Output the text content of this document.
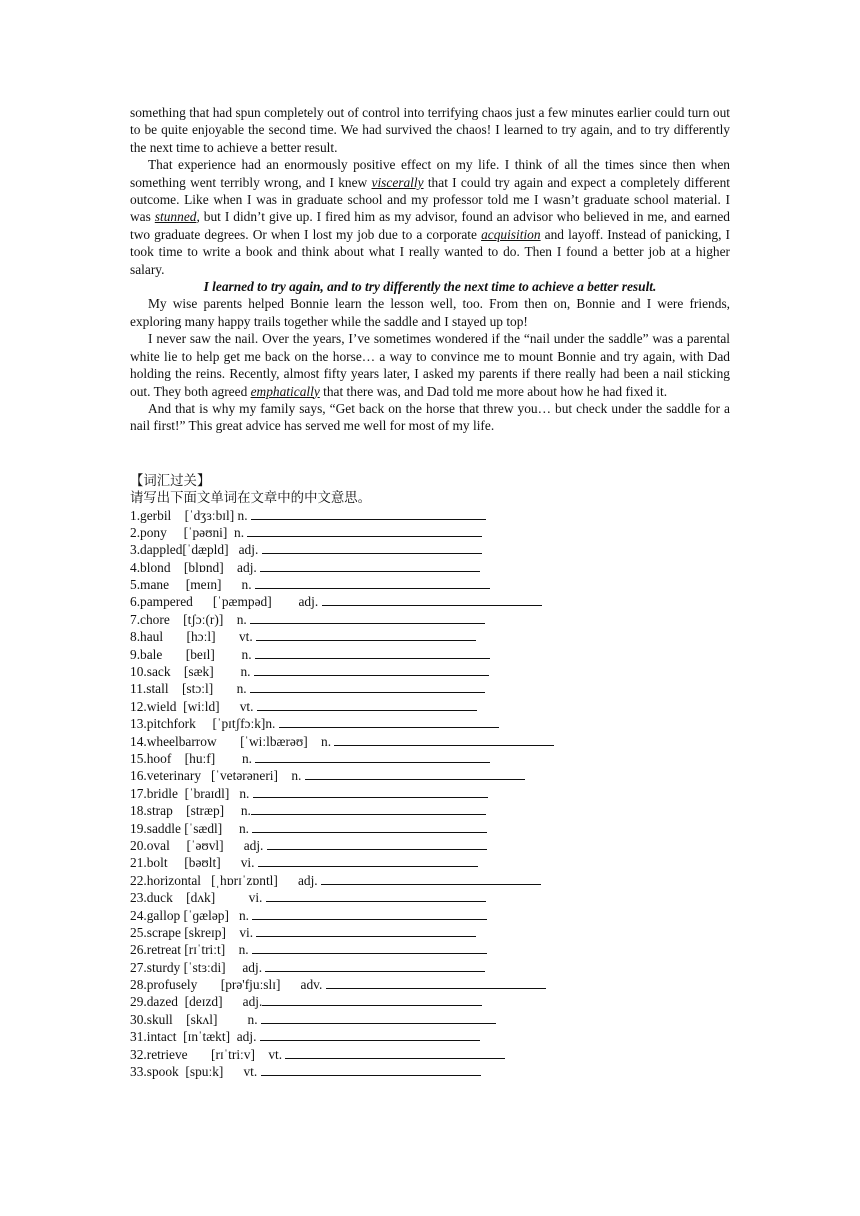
something that had spun completely out of control into terrifying chaos just a few minutes earlier could turn out to be quite enjoyable the second time. We had survived the chaos! I learned to try again, and to try differently the next time to achieve a better result.

That experience had an enormously positive effect on my life. I think of all the times since then when something went terribly wrong, and I knew viscerally that I could try again and expect a completely different outcome. Like when I was in graduate school and my professor told me I wasn’t graduate school material. I was stunned, but I didn’t give up. I fired him as my advisor, found an advisor who believed in me, and earned two graduate degrees. Or when I lost my job due to a corporate acquisition and layoff. Instead of panicking, I took time to write a book and think about what I really wanted to do. Then I found a better job at a higher salary.

I learned to try again, and to try differently the next time to achieve a better result.

My wise parents helped Bonnie learn the lesson well, too. From then on, Bonnie and I were friends, exploring many happy trails together while the saddle and I stayed up top!

I never saw the nail. Over the years, I’ve sometimes wondered if the “nail under the saddle” was a parental white lie to help get me back on the horse… a way to convince me to mount Bonnie and try again, with Dad holding the reins. Recently, almost fifty years later, I asked my parents if there really had been a nail sticking out. They both agreed emphatically that there was, and Dad told me more about how he had fixed it.

And that is why my family says, “Get back on the horse that threw you… but check under the saddle for a nail first!” This great advice has served me well for most of my life.

【词汇过关】

请写出下面文单词在文章中的中文意思。

1.gerbil    [ˈdʒɜːbɪl] n.
2.pony     [ˈpəʊni]  n.
3.dappled[ˈdæpld]   adj.
4.blond    [blɒnd]    adj.
5.mane     [meɪn]      n.
6.pampered      [ˈpæmpəd]        adj.
7.chore    [tʃɔː(r)]    n.
8.haul       [hɔːl]       vt.
9.bale       [beɪl]        n.
10.sack    [sæk]        n.
11.stall    [stɔːl]       n.
12.wield  [wiːld]      vt.
13.pitchfork     [ˈpɪtʃfɔːk]n.
14.wheelbarrow       [ˈwiːlbærəʊ]    n.
15.hoof    [huːf]        n.
16.veterinary   [ˈvetərəneri]    n.
17.bridle  [ˈbraɪdl]   n.
18.strap    [stræp]     n.
19.saddle [ˈsædl]     n.
20.oval     [ˈəʊvl]      adj.
21.bolt     [bəʊlt]      vi.
22.horizontal   [ˌhɒrɪˈzɒntl]      adj.
23.duck    [dʌk]          vi.
24.gallop [ˈɡæləp]   n.
25.scrape [skreɪp]    vi.
26.retreat [rɪˈtriːt]    n.
27.sturdy [ˈstɜːdi]     adj.
28.profusely       [prə'fjuːslɪ]      adv.
29.dazed  [deɪzd]      adj.
30.skull    [skʌl]         n.
31.intact  [ɪnˈtækt]  adj.
32.retrieve       [rɪˈtriːv]    vt.
33.spook  [spuːk]      vt.
